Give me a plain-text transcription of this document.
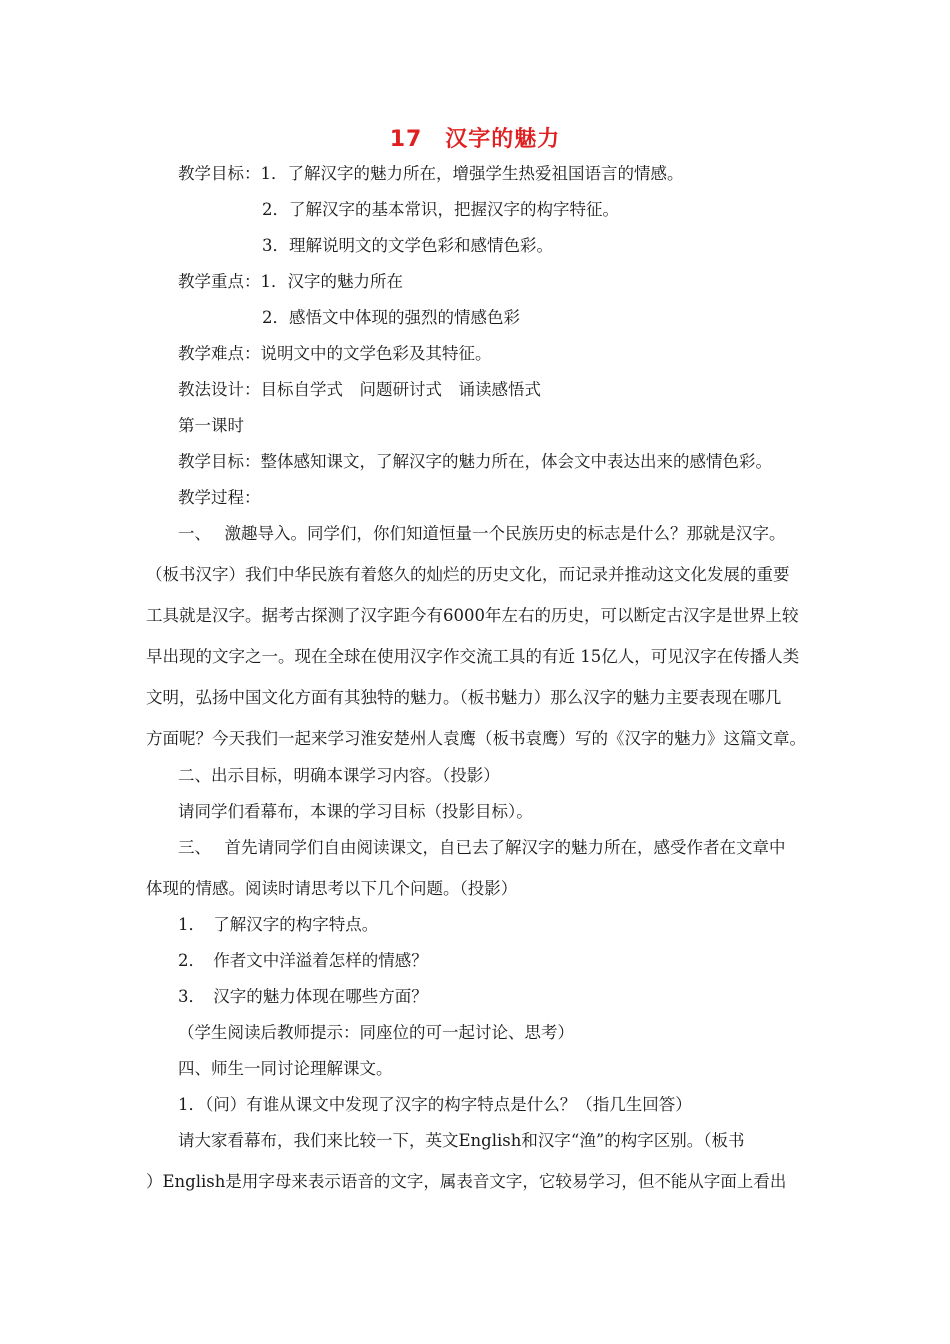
17　汉字的魅力
教学目标：1．了解汉字的魅力所在，增强学生热爱祖国语言的情感。
2．了解汉字的基本常识，把握汉字的构字特征。
3．理解说明文的文学色彩和感情色彩。
教学重点：1．汉字的魅力所在
2．感悟文中体现的强烈的情感色彩
教学难点：说明文中的文学色彩及其特征。
教法设计：目标自学式　问题研讨式　诵读感悟式
第一课时
教学目标：整体感知课文，了解汉字的魅力所在，体会文中表达出来的感情色彩。
教学过程：
一、　 激趣导入。同学们，你们知道恒量一个民族历史的标志是什么？那就是汉字。
（板书汉字）我们中华民族有着悠久的灿烂的历史文化，而记录并推动这文化发展的重要
工具就是汉字。据考古探测了汉字距今有6000年左右的历史，可以断定古汉字是世界上较
早出现的文字之一。现在全球在使用汉字作交流工具的有近 15亿人，可见汉字在传播人类
文明，弘扬中国文化方面有其独特的魅力。（板书魅力）那么汉字的魅力主要表现在哪几
方面呢？今天我们一起来学习淮安楚州人袁鹰（板书袁鹰）写的《汉字的魅力》这篇文章。
二、出示目标，明确本课学习内容。（投影）
请同学们看幕布，本课的学习目标（投影目标）。
三、　 首先请同学们自由阅读课文，自已去了解汉字的魅力所在，感受作者在文章中
体现的情感。阅读时请思考以下几个问题。（投影）
1．　了解汉字的构字特点。
2．　作者文中洋溢着怎样的情感？
3．　汉字的魅力体现在哪些方面？
（学生阅读后教师提示：同座位的可一起讨论、思考）
四、师生一同讨论理解课文。
1．（问）有谁从课文中发现了汉字的构字特点是什么？（指几生回答）
请大家看幕布，我们来比较一下，英文English和汉字“渔”的构字区别。（板书
）English是用字母来表示语音的文字，属表音文字，它较易学习，但不能从字面上看出
